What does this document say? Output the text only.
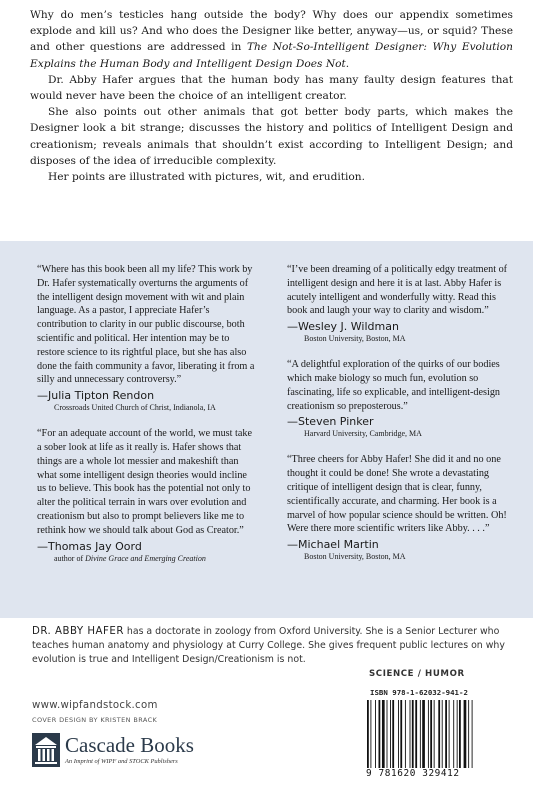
Why do men’s testicles hang outside the body? Why does our appendix sometimes explode and kill us? And who does the Designer like better, anyway—us, or squid? These and other questions are addressed in The Not-So-Intelligent Designer: Why Evolution Explains the Human Body and Intelligent Design Does Not.

Dr. Abby Hafer argues that the human body has many faulty design features that would never have been the choice of an intelligent creator.

She also points out other animals that got better body parts, which makes the Designer look a bit strange; discusses the history and politics of Intelligent Design and creationism; reveals animals that shouldn’t exist according to Intelligent Design; and disposes of the idea of irreducible complexity.

Her points are illustrated with pictures, wit, and erudition.

“Where has this book been all my life? This work by Dr. Hafer systematically overturns the arguments of the intelligent design movement with wit and plain language. As a pastor, I appreciate Hafer’s contribution to clarity in our public discourse, both scientific and political. Her intention may be to restore science to its rightful place, but she has also done the faith community a favor, liberating it from a silly and unnecessary controversy.”

—Julia Tipton Rendon

Crossroads United Church of Christ, Indianola, IA

“For an adequate account of the world, we must take a sober look at life as it really is. Hafer shows that things are a whole lot messier and makeshift than what some intelligent design theories would incline us to believe. This book has the potential not only to alter the political terrain in wars over evolution and creationism but also to prompt believers like me to rethink how we should talk about God as Creator.”

—Thomas Jay Oord

author of Divine Grace and Emerging Creation

“I’ve been dreaming of a politically edgy treatment of intelligent design and here it is at last. Abby Hafer is acutely intelligent and wonderfully witty. Read this book and laugh your way to clarity and wisdom.”

—Wesley J. Wildman

Boston University, Boston, MA

“A delightful exploration of the quirks of our bodies which make biology so much fun, evolution so fascinating, life so explicable, and intelligent-design creationism so preposterous.”

—Steven Pinker

Harvard University, Cambridge, MA

“Three cheers for Abby Hafer! She did it and no one thought it could be done! She wrote a devastating critique of intelligent design that is clear, funny, scientifically accurate, and charming. Her book is a marvel of how popular science should be written. Oh! Were there more scientific writers like Abby. . . .”

—Michael Martin

Boston University, Boston, MA

DR. ABBY HAFER has a doctorate in zoology from Oxford University. She is a Senior Lecturer who teaches human anatomy and physiology at Curry College. She gives frequent public lectures on why evolution is true and Intelligent Design/Creationism is not.
SCIENCE / HUMOR
www.wipfandstock.com
COVER DESIGN BY KRISTEN BRACK
Cascade Books
An Imprint of WIPF and STOCK Publishers
ISBN 978-1-62032-941-2
9 781620 329412
